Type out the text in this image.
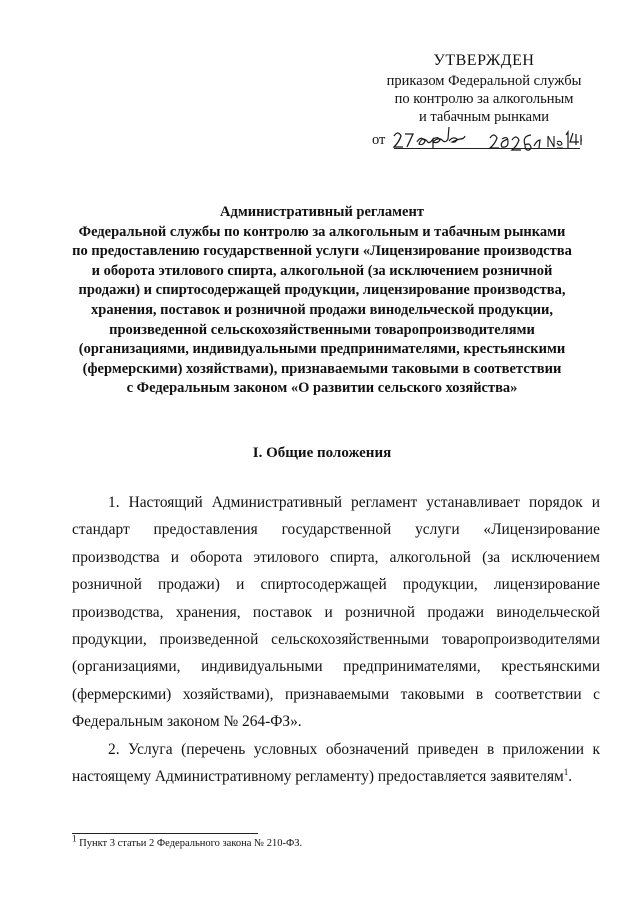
УТВЕРЖДЕН
приказом Федеральной службы
по контролю за алкогольным
и табачным рынками
от
Административный регламент
Федеральной службы по контролю за алкогольным и табачным рынками
по предоставлению государственной услуги «Лицензирование производства
и оборота этилового спирта, алкогольной (за исключением розничной
продажи) и спиртосодержащей продукции, лицензирование производства,
хранения, поставок и розничной продажи винодельческой продукции,
произведенной сельскохозяйственными товаропроизводителями
(организациями, индивидуальными предпринимателями, крестьянскими
(фермерскими) хозяйствами), признаваемыми таковыми в соответствии
с Федеральным законом «О развитии сельского хозяйства»
I. Общие положения

1. Настоящий Административный регламент устанавливает порядок и стандарт предоставления государственной услуги «Лицензирование производства и оборота этилового спирта, алкогольной (за исключением розничной продажи) и спиртосодержащей продукции, лицензирование производства, хранения, поставок и розничной продажи винодельческой продукции, произведенной сельскохозяйственными товаропроизводителями (организациями, индивидуальными предпринимателями, крестьянскими (фермерскими) хозяйствами), признаваемыми таковыми в соответствии с Федеральным законом № 264-ФЗ».

2. Услуга (перечень условных обозначений приведен в приложении к настоящему Административному регламенту) предоставляется заявителям$^1$.

$^1$ Пункт 3 статьи 2 Федерального закона № 210-ФЗ.
